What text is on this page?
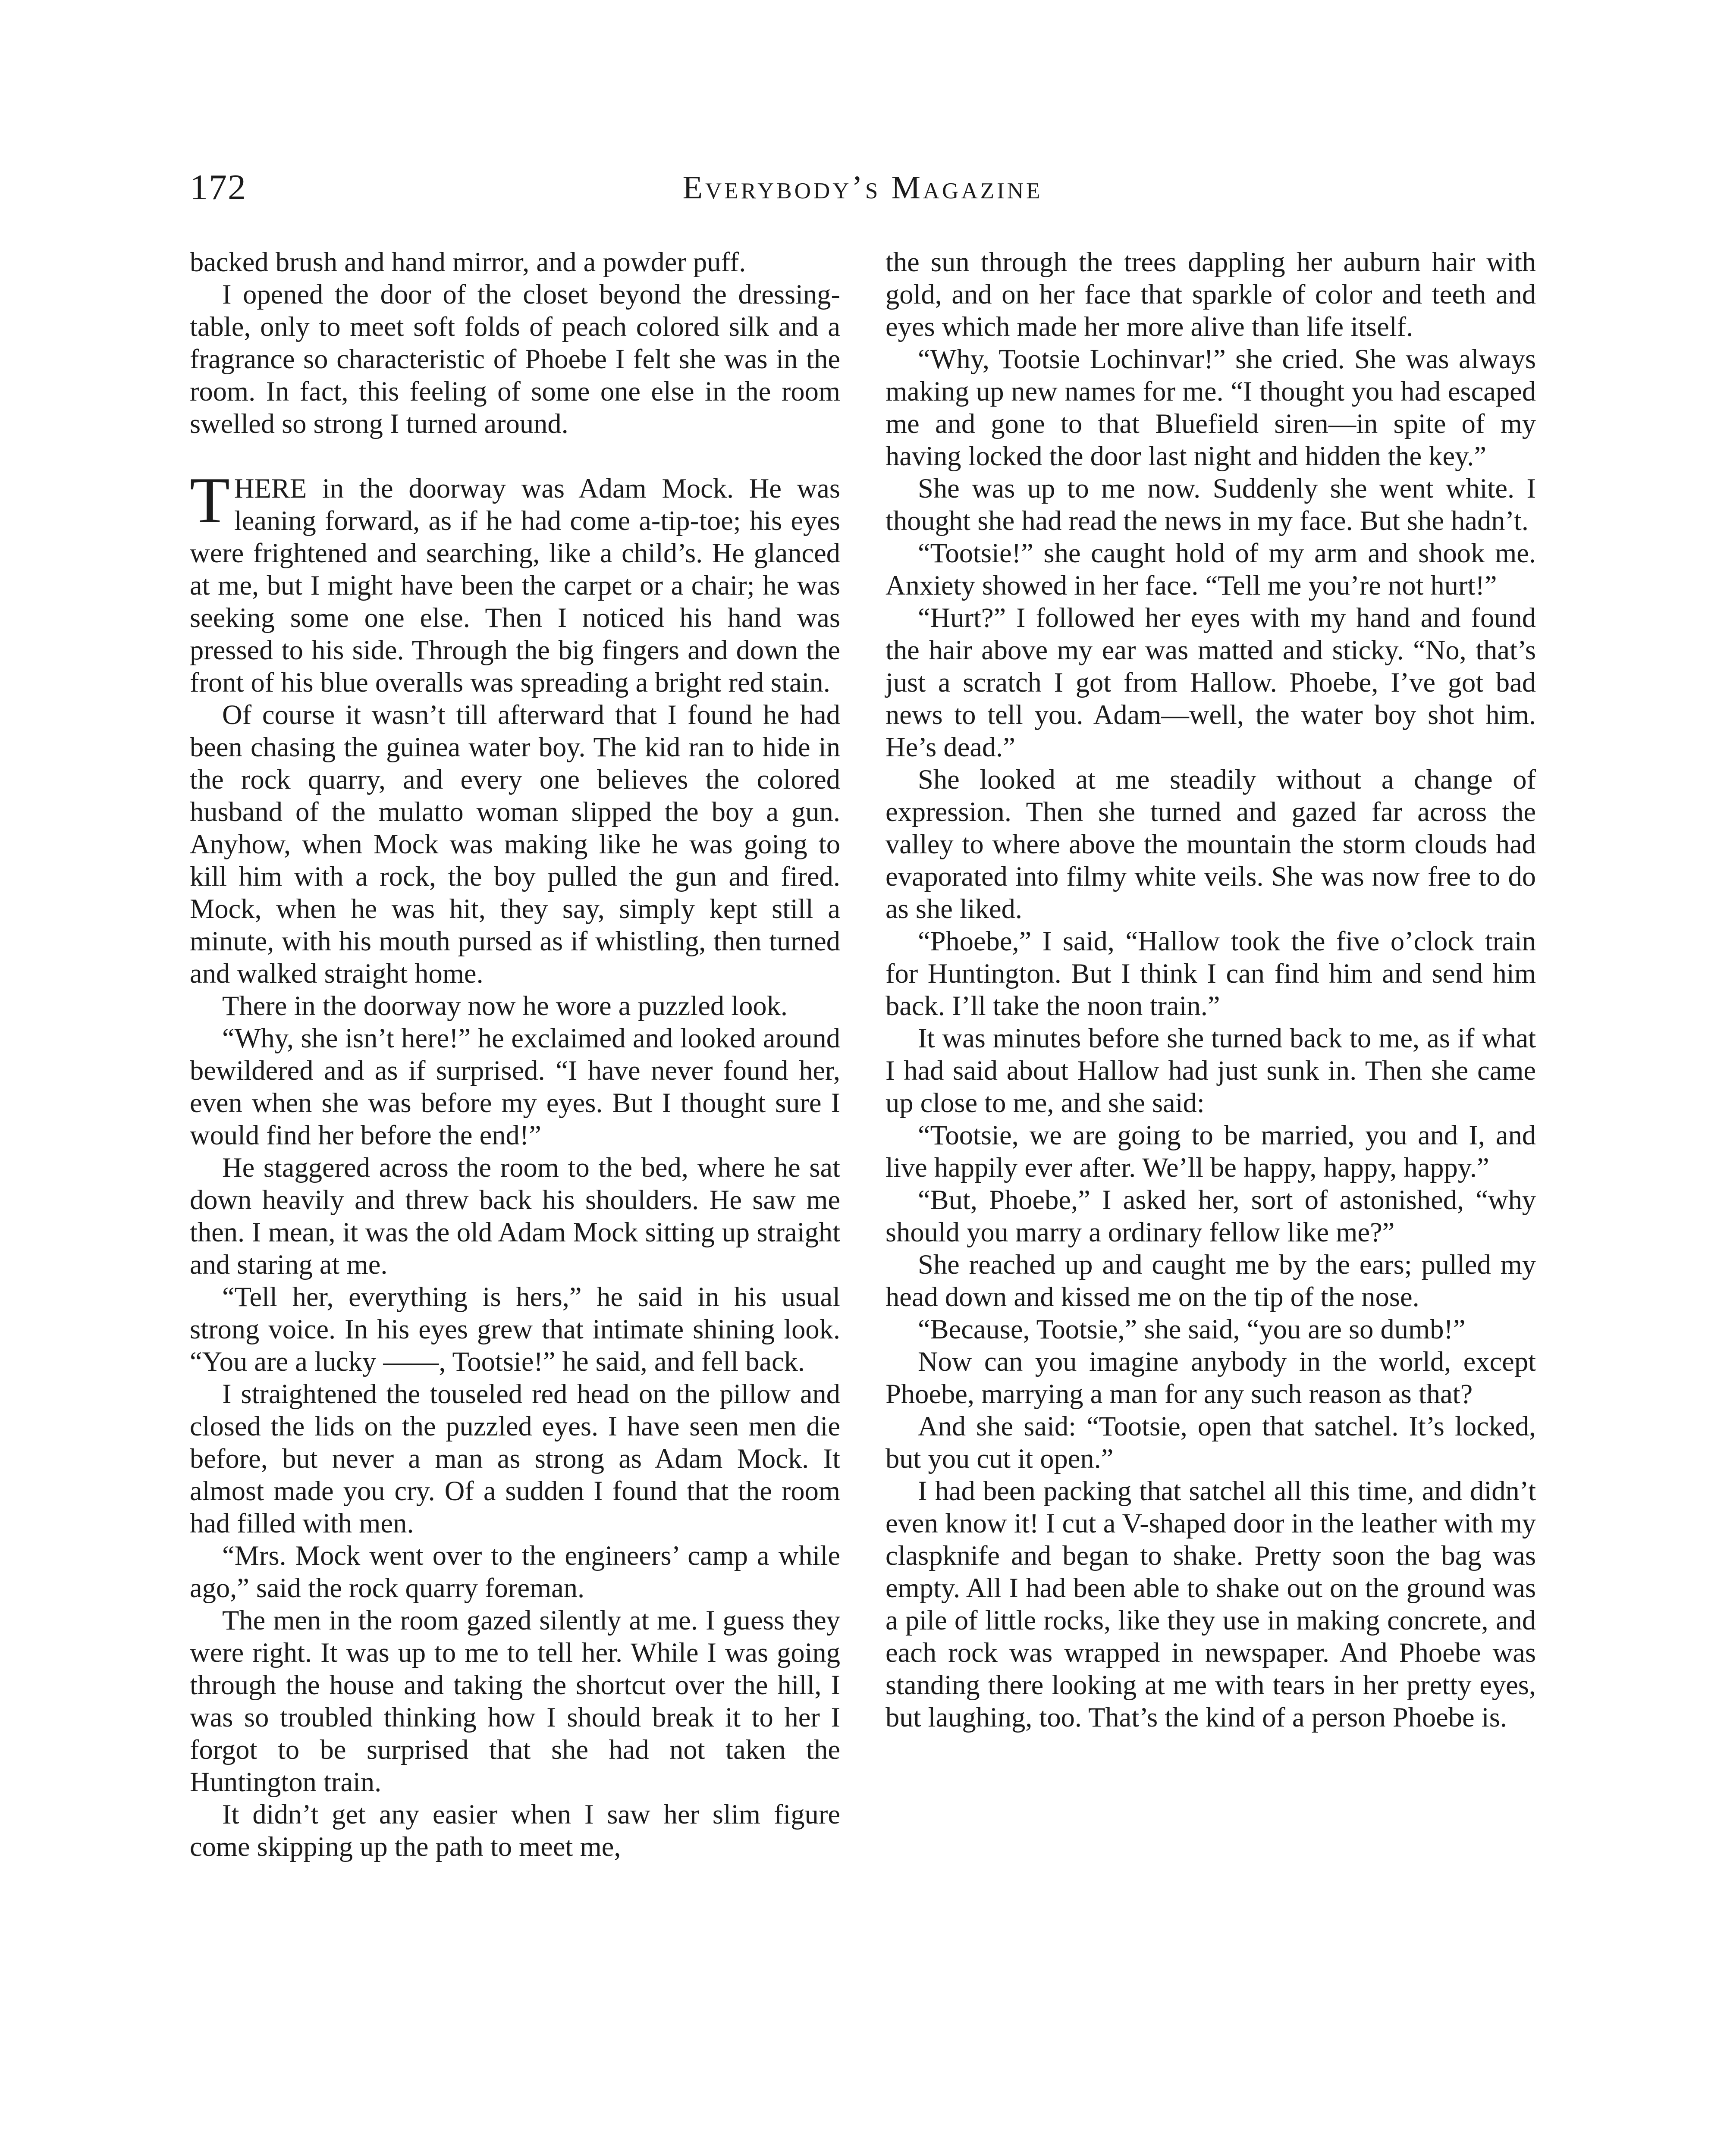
172	Everybody’s Magazine

backed brush and hand mirror, and a powder puff.

I opened the door of the closet beyond the dressing-table, only to meet soft folds of peach colored silk and a fragrance so characteristic of Phoebe I felt she was in the room. In fact, this feeling of some one else in the room swelled so strong I turned around.

THERE in the doorway was Adam Mock. He was leaning forward, as if he had come a-tip-toe; his eyes were frightened and searching, like a child’s. He glanced at me, but I might have been the carpet or a chair; he was seeking some one else. Then I noticed his hand was pressed to his side. Through the big fingers and down the front of his blue overalls was spreading a bright red stain.

Of course it wasn’t till afterward that I found he had been chasing the guinea water boy. The kid ran to hide in the rock quarry, and every one believes the colored husband of the mulatto woman slipped the boy a gun. Anyhow, when Mock was making like he was going to kill him with a rock, the boy pulled the gun and fired. Mock, when he was hit, they say, simply kept still a minute, with his mouth pursed as if whistling, then turned and walked straight home.

There in the doorway now he wore a puzzled look.

“Why, she isn’t here!” he exclaimed and looked around bewildered and as if surprised. “I have never found her, even when she was before my eyes. But I thought sure I would find her before the end!”

He staggered across the room to the bed, where he sat down heavily and threw back his shoulders. He saw me then. I mean, it was the old Adam Mock sitting up straight and staring at me.

“Tell her, everything is hers,” he said in his usual strong voice. In his eyes grew that intimate shining look. “You are a lucky ——, Tootsie!” he said, and fell back.

I straightened the touseled red head on the pillow and closed the lids on the puzzled eyes. I have seen men die before, but never a man as strong as Adam Mock. It almost made you cry. Of a sudden I found that the room had filled with men.

“Mrs. Mock went over to the engineers’ camp a while ago,” said the rock quarry foreman.

The men in the room gazed silently at me. I guess they were right. It was up to me to tell her. While I was going through the house and taking the shortcut over the hill, I was so troubled thinking how I should break it to her I forgot to be surprised that she had not taken the Huntington train.

It didn’t get any easier when I saw her slim figure come skipping up the path to meet me,

the sun through the trees dappling her auburn hair with gold, and on her face that sparkle of color and teeth and eyes which made her more alive than life itself.

“Why, Tootsie Lochinvar!” she cried. She was always making up new names for me. “I thought you had escaped me and gone to that Bluefield siren—in spite of my having locked the door last night and hidden the key.”

She was up to me now. Suddenly she went white. I thought she had read the news in my face. But she hadn’t.

“Tootsie!” she caught hold of my arm and shook me. Anxiety showed in her face. “Tell me you’re not hurt!”

“Hurt?” I followed her eyes with my hand and found the hair above my ear was matted and sticky. “No, that’s just a scratch I got from Hallow. Phoebe, I’ve got bad news to tell you. Adam—well, the water boy shot him. He’s dead.”

She looked at me steadily without a change of expression. Then she turned and gazed far across the valley to where above the mountain the storm clouds had evaporated into filmy white veils. She was now free to do as she liked.

“Phoebe,” I said, “Hallow took the five o’clock train for Huntington. But I think I can find him and send him back. I’ll take the noon train.”

It was minutes before she turned back to me, as if what I had said about Hallow had just sunk in. Then she came up close to me, and she said:

“Tootsie, we are going to be married, you and I, and live happily ever after. We’ll be happy, happy, happy.”

“But, Phoebe,” I asked her, sort of astonished, “why should you marry a ordinary fellow like me?”

She reached up and caught me by the ears; pulled my head down and kissed me on the tip of the nose.

“Because, Tootsie,” she said, “you are so dumb!”

Now can you imagine anybody in the world, except Phoebe, marrying a man for any such reason as that?

And she said: “Tootsie, open that satchel. It’s locked, but you cut it open.”

I had been packing that satchel all this time, and didn’t even know it! I cut a V-shaped door in the leather with my claspknife and began to shake. Pretty soon the bag was empty. All I had been able to shake out on the ground was a pile of little rocks, like they use in making concrete, and each rock was wrapped in newspaper. And Phoebe was standing there looking at me with tears in her pretty eyes, but laughing, too. That’s the kind of a person Phoebe is.
